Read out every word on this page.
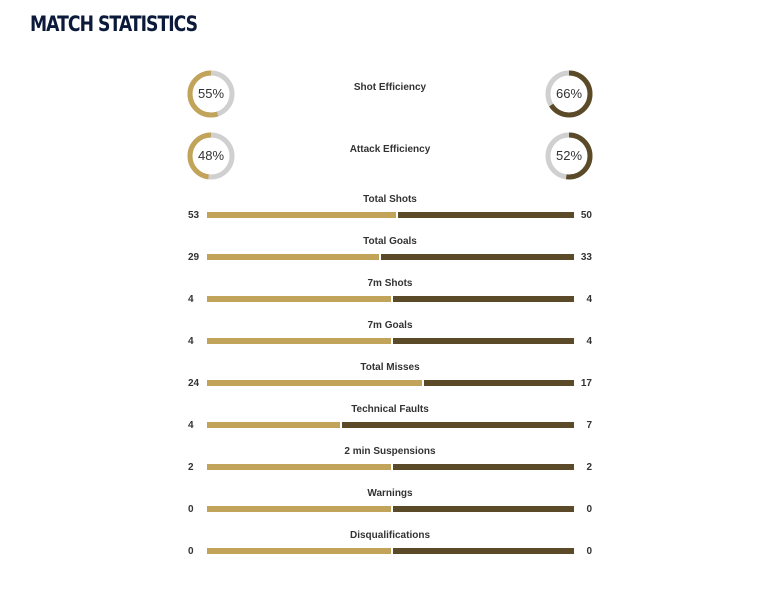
MATCH STATISTICS
55%	Shot Efficiency	66%
48%	Attack Efficiency	52%
Total Shots
53	50
Total Goals
29	33
7m Shots
4	4
7m Goals
4	4
Total Misses
24	17
Technical Faults
4	7
2 min Suspensions
2	2
Warnings
0	0
Disqualifications
0	0
